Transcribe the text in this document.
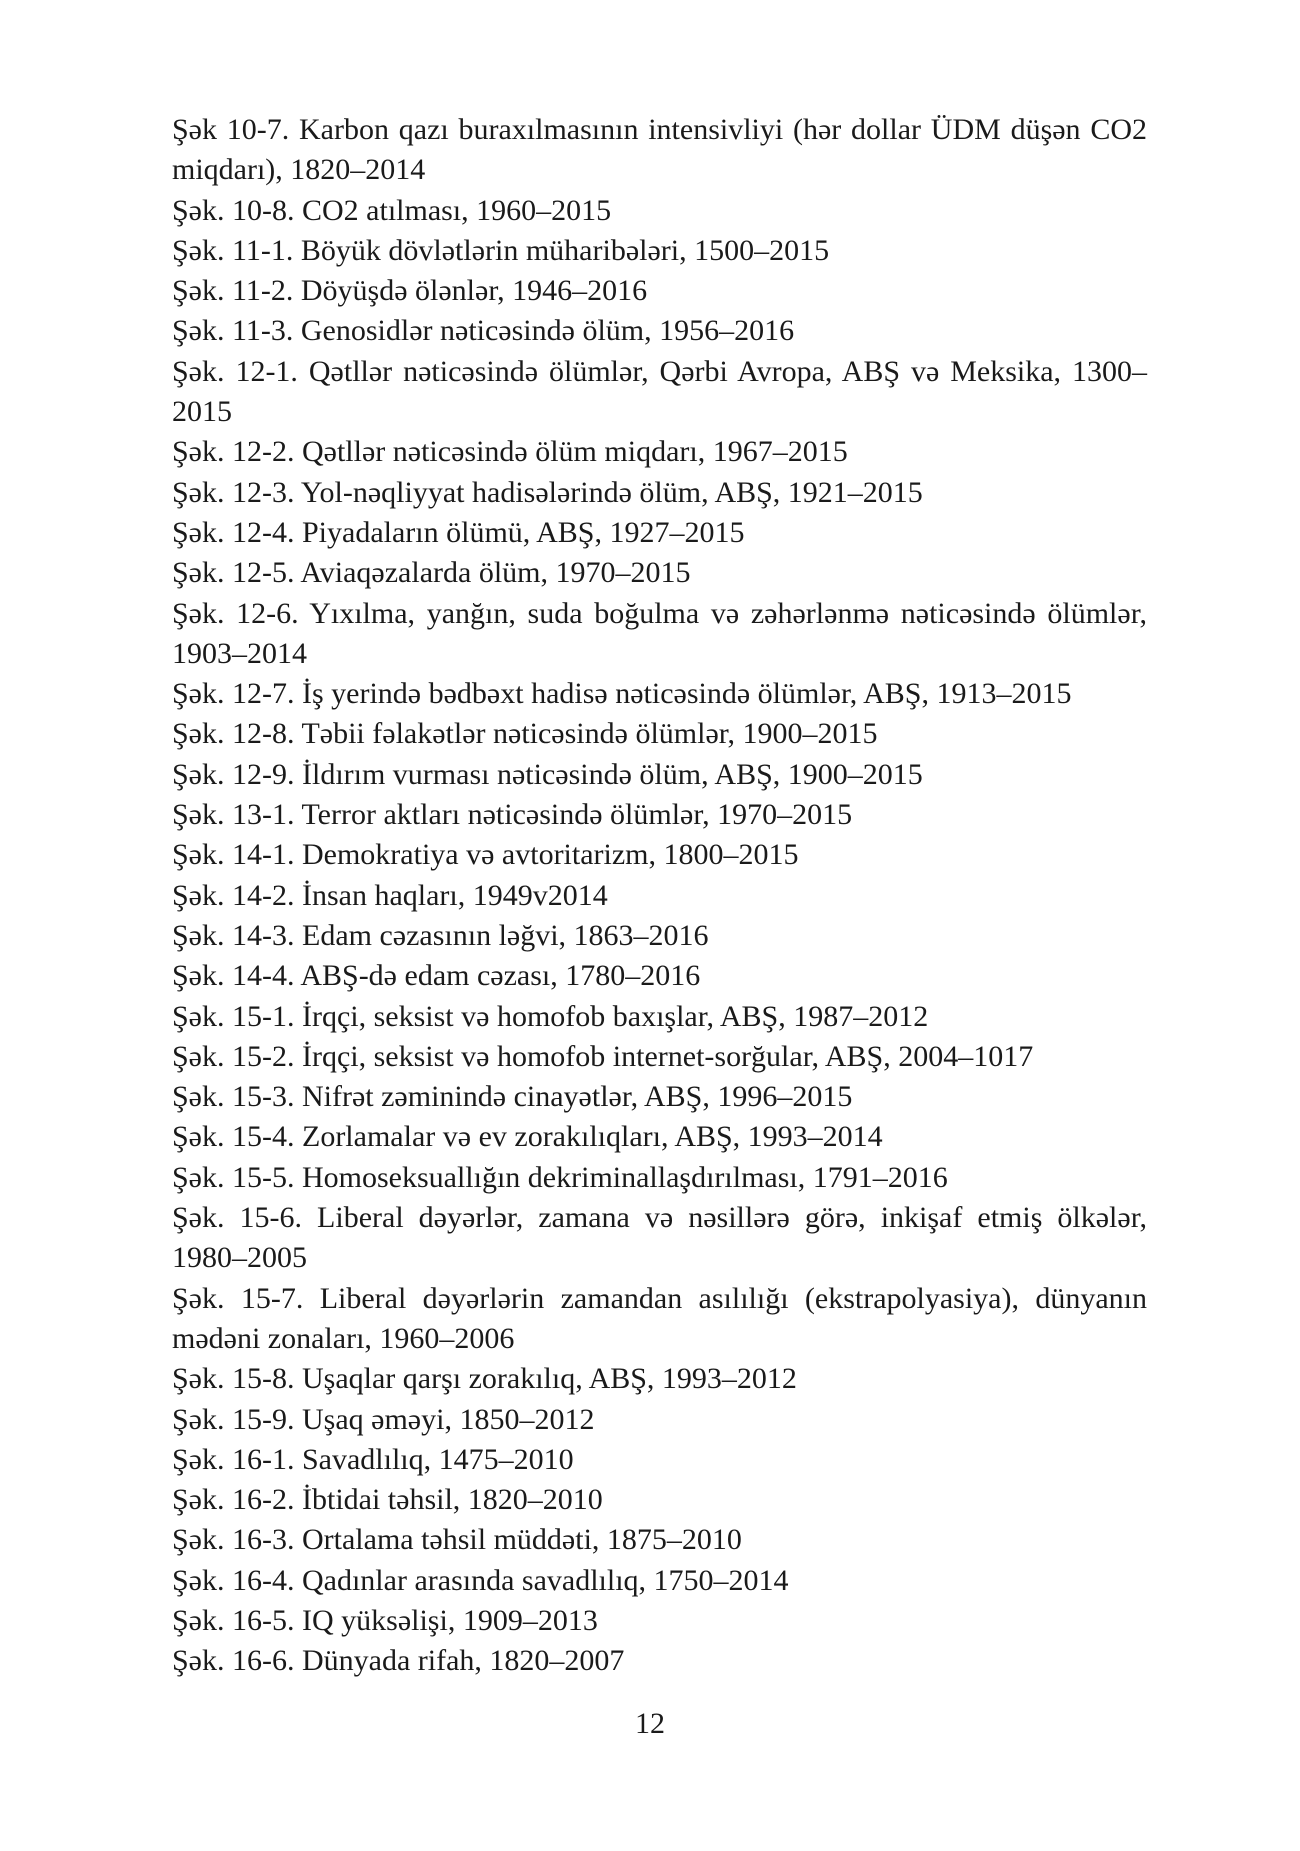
Şək 10-7. Karbon qazı buraxılmasının intensivliyi (hər dollar ÜDM düşən CO2 miqdarı), 1820–2014
Şək. 10-8. CO2 atılması, 1960–2015
Şək. 11-1. Böyük dövlətlərin müharibələri, 1500–2015
Şək. 11-2. Döyüşdə ölənlər, 1946–2016
Şək. 11-3. Genosidlər nəticəsində ölüm, 1956–2016
Şək. 12-1. Qətllər nəticəsində ölümlər, Qərbi Avropa, ABŞ və Meksika, 1300–2015
Şək. 12-2. Qətllər nəticəsində ölüm miqdarı, 1967–2015
Şək. 12-3. Yol-nəqliyyat hadisələrində ölüm, ABŞ, 1921–2015
Şək. 12-4. Piyadaların ölümü, ABŞ, 1927–2015
Şək. 12-5. Aviaqəzalarda ölüm, 1970–2015
Şək. 12-6. Yıxılma, yanğın, suda boğulma və zəhərlənmə nəticəsində ölümlər, 1903–2014
Şək. 12-7. İş yerində bədbəxt hadisə nəticəsində ölümlər, ABŞ, 1913–2015
Şək. 12-8. Təbii fəlakətlər nəticəsində ölümlər, 1900–2015
Şək. 12-9. İldırım vurması nəticəsində ölüm, ABŞ, 1900–2015
Şək. 13-1. Terror aktları nəticəsində ölümlər, 1970–2015
Şək. 14-1. Demokratiya və avtoritarizm, 1800–2015
Şək. 14-2. İnsan haqları, 1949v2014
Şək. 14-3. Edam cəzasının ləğvi, 1863–2016
Şək. 14-4. ABŞ-də edam cəzası, 1780–2016
Şək. 15-1. İrqçi, seksist və homofob baxışlar, ABŞ, 1987–2012
Şək. 15-2. İrqçi, seksist və homofob internet-sorğular, ABŞ, 2004–1017
Şək. 15-3. Nifrət zəminində cinayətlər, ABŞ, 1996–2015
Şək. 15-4. Zorlamalar və ev zorakılıqları, ABŞ, 1993–2014
Şək. 15-5. Homoseksuallığın dekriminallaşdırılması, 1791–2016
Şək. 15-6. Liberal dəyərlər, zamana və nəsillərə görə, inkişaf etmiş ölkələr, 1980–2005
Şək. 15-7. Liberal dəyərlərin zamandan asılılığı (ekstrapolyasiya), dünyanın mədəni zonaları, 1960–2006
Şək. 15-8. Uşaqlar qarşı zorakılıq, ABŞ, 1993–2012
Şək. 15-9. Uşaq əməyi, 1850–2012
Şək. 16-1. Savadlılıq, 1475–2010
Şək. 16-2. İbtidai təhsil, 1820–2010
Şək. 16-3. Ortalama təhsil müddəti, 1875–2010
Şək. 16-4. Qadınlar arasında savadlılıq, 1750–2014
Şək. 16-5. IQ yüksəlişi, 1909–2013
Şək. 16-6. Dünyada rifah, 1820–2007
12
